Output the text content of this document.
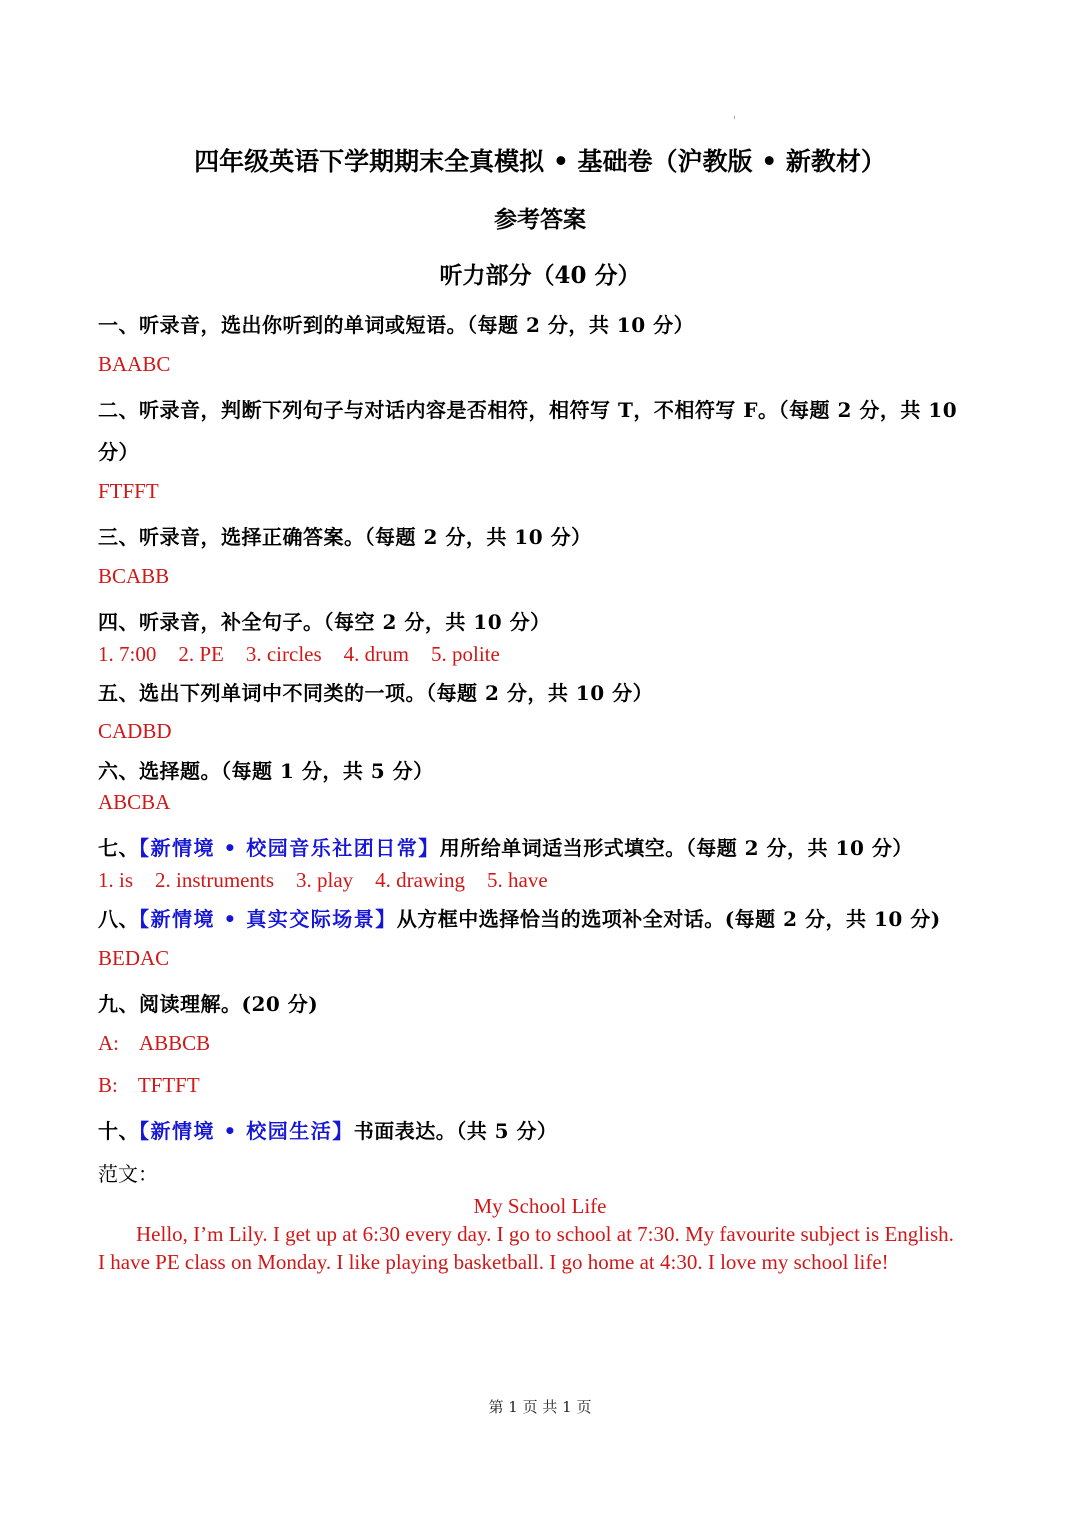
四年级英语下学期期末全真模拟 • 基础卷（沪教版 • 新教材）
参考答案
听力部分（40 分）
一、听录音，选出你听到的单词或短语。（每题 2 分，共 10 分）
BAABC
二、听录音，判断下列句子与对话内容是否相符，相符写 T，不相符写 F。（每题 2 分，共 10
分）
FTFFT
三、听录音，选择正确答案。（每题 2 分，共 10 分）
BCABB
四、听录音，补全句子。（每空 2 分，共 10 分）
1. 7:00 2. PE 3. circles 4. drum 5. polite
五、选出下列单词中不同类的一项。（每题 2 分，共 10 分）
CADBD
六、选择题。（每题 1 分，共 5 分）
ABCBA
七、【新情境 • 校园音乐社团日常】用所给单词适当形式填空。（每题 2 分，共 10 分）
1. is 2. instruments 3. play 4. drawing 5. have
八、【新情境 • 真实交际场景】从方框中选择恰当的选项补全对话。(每题 2 分，共 10 分)
BEDAC
九、阅读理解。(20 分)
A: ABBCB
B: TFTFT
十、【新情境 • 校园生活】书面表达。（共 5 分）
范文：
My School Life
Hello, I’m Lily. I get up at 6:30 every day. I go to school at 7:30. My favourite subject is English.
I have PE class on Monday. I like playing basketball. I go home at 4:30. I love my school life!
第 1 页 共 1 页
